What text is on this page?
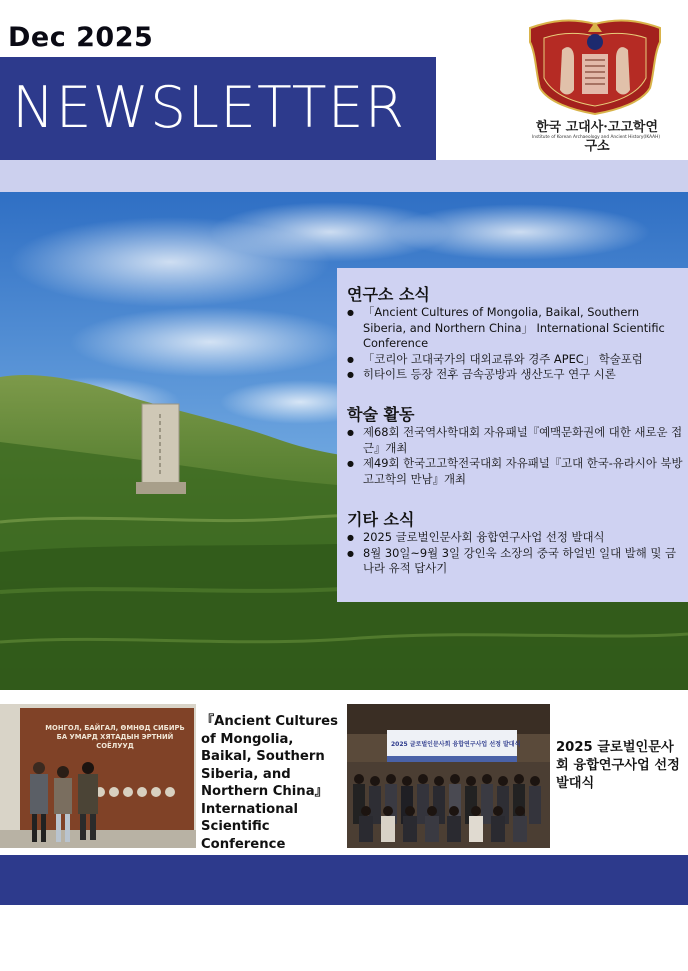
Dec 2025
NEWSLETTER	한국 고대사·고고학연구소
Institute of Korean Archaeology and Ancient History(IKAAH)
연구소 소식
● 「Ancient Cultures of Mongolia, Baikal, Southern Siberia, and Northern China」 International Scientific Conference
● 「코리아 고대국가의 대외교류와 경주 APEC」 학술포럼
● 히타이트 등장 전후 금속공방과 생산도구 연구 시론
학술 활동
● 제68회 전국역사학대회 자유패널『예맥문화권에 대한 새로운 접근』개최
● 제49회 한국고고학전국대회 자유패널『고대 한국-유라시아 북방 고고학의 만남』개최
기타 소식
● 2025 글로벌인문사회 융합연구사업 선정 발대식
● 8월 30일~9월 3일 강인욱 소장의 중국 하얼빈 일대 발해 및 금나라 유적 답사기
МОНГОЛ, БАЙГАЛ, ӨМНӨД СИБИРЬ БА УМАРД ХЯТАДЫН ЭРТНИЙ СОЁЛУУД
『Ancient Cultures of Mongolia, Baikal, Southern Siberia, and Northern China』 International Scientific Conference
2025 글로벌인문사회 융합연구사업 선정 발대식	2025 글로벌인문사회 융합연구사업 선정 발대식
